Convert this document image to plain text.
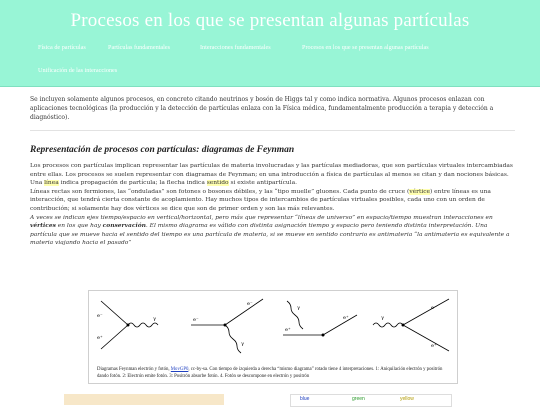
Procesos en los que se presentan algunas partículas
Física de partículas	Partículas fundamentales	Interacciones fundamentales	Procesos en los que se presentan algunas partículas
Unificación de las interacciones
Se incluyen solamente algunos procesos, en concreto citando neutrinos y bosón de Higgs tal y como indica normativa. Algunos procesos enlazan con aplicaciones tecnológicas (la producción y la detección de partículas enlaza con la Física médica, fundamentalmente producción a terapia y detección a diagnóstico).
Representación de procesos con partículas: diagramas de Feynman

Los procesos con partículas implican representar las partículas de materia involucradas y las partículas mediadoras, que son partículas virtuales intercambiadas entre ellas. Los procesos se suelen representar con diagramas de Feynman; en una introducción a física de partículas al menos se citan y dan nociones básicas.

Una línea indica propagación de partícula; la flecha indica sentido si existe antipartícula.

Líneas rectas son fermiones, las “onduladas” son fotones o bosones débiles, y las “tipo muelle” gluones. Cada punto de cruce (vértice) entre líneas es una interacción, que tendrá cierta constante de acoplamiento. Hay muchos tipos de intercambios de partículas virtuales posibles, cada uno con un orden de contribución; si solamente hay dos vértices se dice que son de primer orden y son las más relevantes.

A veces se indican ejes tiempo/espacio en vertical/horizontal, pero más que representar “líneas de universo” en espacio/tiempo muestran interacciones en vértices en los que hay conservación. El mismo diagrama es válido con distinta asignación tiempo y espacio pero teniendo distinta interpretación. Una partícula que se mueve hacia el sentido del tiempo es una partícula de materia, si se mueve en sentido contrario es antimateria “la antimateria es equivalente a materia viajando hacia el pasado”

e⁻
e⁺
γ	e⁻
e⁻
γ
γ
e⁺
e⁺	γ
e⁻
e⁺
Diagramas Feynman electrón y fotón, MovGP0, cc-by-sa. Con tiempo de izquierda a derecha “mismo diagrama” rotado tiene 4 interpretaciones. 1: Aniquilación electrón y positrón dando fotón. 2: Electrón emite fotón. 3: Positrón absorbe fotón. 4. Fotón se descompone en electrón y positrón
blue	green	yellow
